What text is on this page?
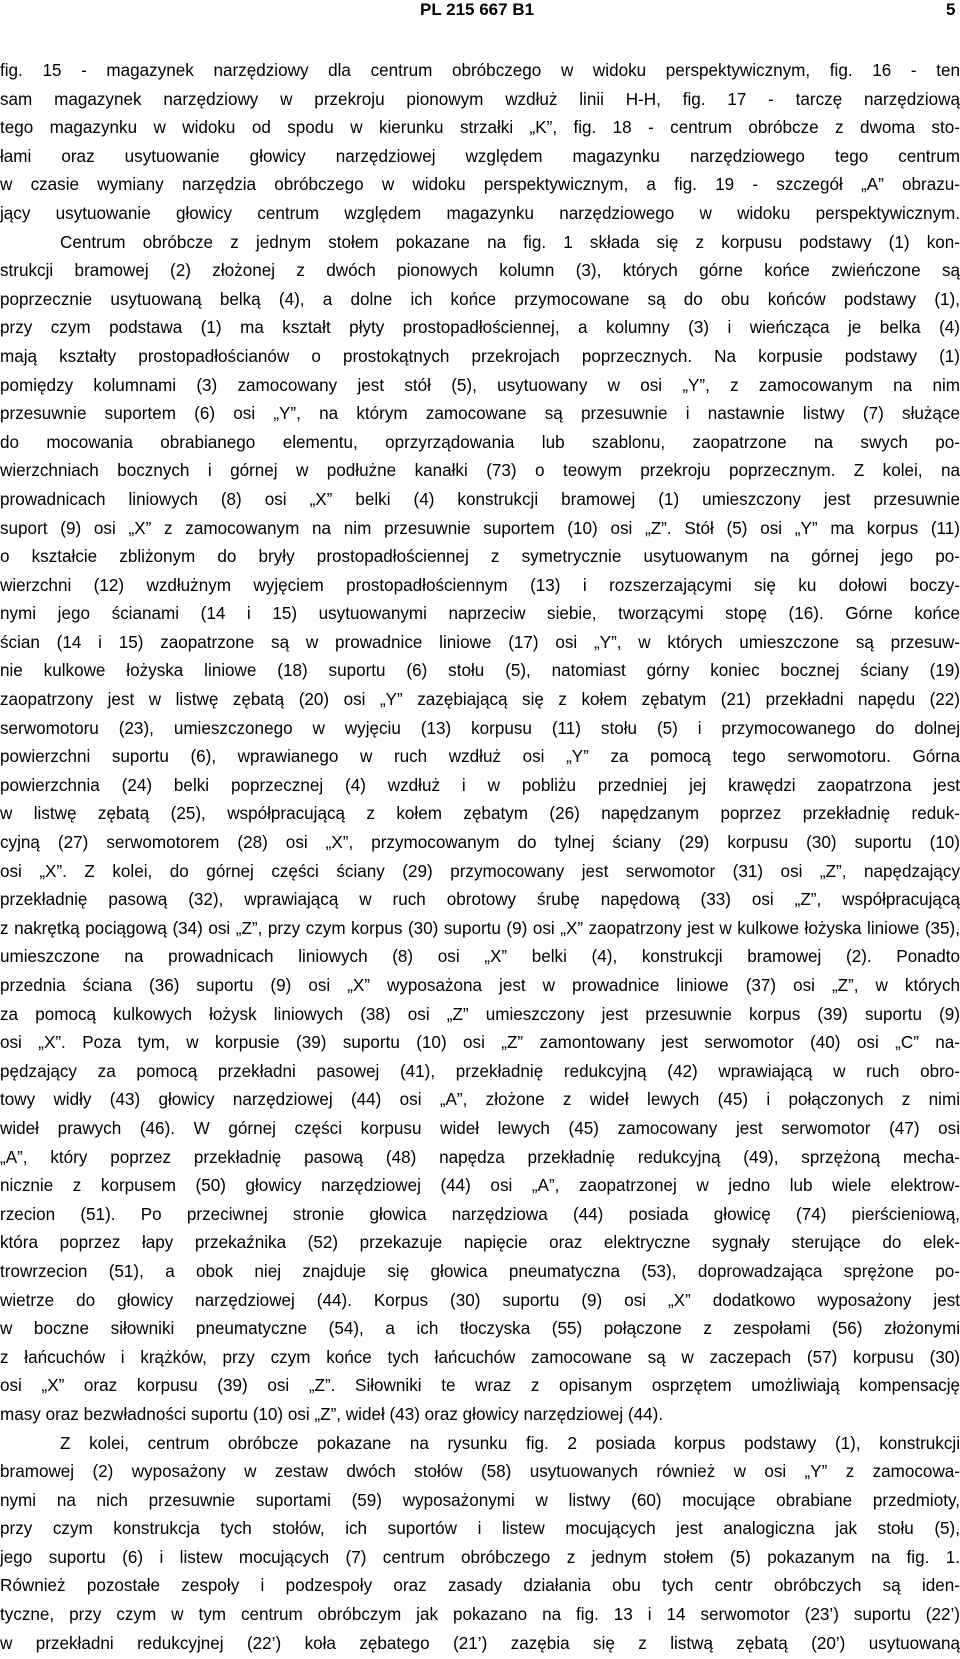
PL 215 667 B1	5
fig. 15 - magazynek narzędziowy dla centrum obróbczego w widoku perspektywicznym, fig. 16 - ten
sam magazynek narzędziowy w przekroju pionowym wzdłuż linii H-H, fig. 17 - tarczę narzędziową
tego magazynku w widoku od spodu w kierunku strzałki „K”, fig. 18 - centrum obróbcze z dwoma sto-
łami oraz usytuowanie głowicy narzędziowej względem magazynku narzędziowego tego centrum
w czasie wymiany narzędzia obróbczego w widoku perspektywicznym, a fig. 19 - szczegół „A” obrazu-
jący usytuowanie głowicy centrum względem magazynku narzędziowego w widoku perspektywicznym.
Centrum obróbcze z jednym stołem pokazane na fig. 1 składa się z korpusu podstawy (1) kon-
strukcji bramowej (2) złożonej z dwóch pionowych kolumn (3), których górne końce zwieńczone są
poprzecznie usytuowaną belką (4), a dolne ich końce przymocowane są do obu końców podstawy (1),
przy czym podstawa (1) ma kształt płyty prostopadłościennej, a kolumny (3) i wieńcząca je belka (4)
mają kształty prostopadłościanów o prostokątnych przekrojach poprzecznych. Na korpusie podstawy (1)
pomiędzy kolumnami (3) zamocowany jest stół (5), usytuowany w osi „Y”, z zamocowanym na nim
przesuwnie suportem (6) osi „Y”, na którym zamocowane są przesuwnie i nastawnie listwy (7) służące
do mocowania obrabianego elementu, oprzyrządowania lub szablonu, zaopatrzone na swych po-
wierzchniach bocznych i górnej w podłużne kanałki (73) o teowym przekroju poprzecznym. Z kolei, na
prowadnicach liniowych (8) osi „X” belki (4) konstrukcji bramowej (1) umieszczony jest przesuwnie
suport (9) osi „X” z zamocowanym na nim przesuwnie suportem (10) osi „Z”. Stół (5) osi „Y” ma korpus (11)
o kształcie zbliżonym do bryły prostopadłościennej z symetrycznie usytuowanym na górnej jego po-
wierzchni (12) wzdłużnym wyjęciem prostopadłościennym (13) i rozszerzającymi się ku dołowi boczy-
nymi jego ścianami (14 i 15) usytuowanymi naprzeciw siebie, tworzącymi stopę (16). Górne końce
ścian (14 i 15) zaopatrzone są w prowadnice liniowe (17) osi „Y”, w których umieszczone są przesuw-
nie kulkowe łożyska liniowe (18) suportu (6) stołu (5), natomiast górny koniec bocznej ściany (19)
zaopatrzony jest w listwę zębatą (20) osi „Y” zazębiającą się z kołem zębatym (21) przekładni napędu (22)
serwomotoru (23), umieszczonego w wyjęciu (13) korpusu (11) stołu (5) i przymocowanego do dolnej
powierzchni suportu (6), wprawianego w ruch wzdłuż osi „Y” za pomocą tego serwomotoru. Górna
powierzchnia (24) belki poprzecznej (4) wzdłuż i w pobliżu przedniej jej krawędzi zaopatrzona jest
w listwę zębatą (25), współpracującą z kołem zębatym (26) napędzanym poprzez przekładnię reduk-
cyjną (27) serwomotorem (28) osi „X”, przymocowanym do tylnej ściany (29) korpusu (30) suportu (10)
osi „X”. Z kolei, do górnej części ściany (29) przymocowany jest serwomotor (31) osi „Z”, napędzający
przekładnię pasową (32), wprawiającą w ruch obrotowy śrubę napędową (33) osi „Z”, współpracującą
z nakrętką pociągową (34) osi „Z”, przy czym korpus (30) suportu (9) osi „X” zaopatrzony jest w kulkowe łożyska liniowe (35),
umieszczone na prowadnicach liniowych (8) osi „X” belki (4), konstrukcji bramowej (2). Ponadto
przednia ściana (36) suportu (9) osi „X” wyposażona jest w prowadnice liniowe (37) osi „Z”, w których
za pomocą kulkowych łożysk liniowych (38) osi „Z” umieszczony jest przesuwnie korpus (39) suportu (9)
osi „X”. Poza tym, w korpusie (39) suportu (10) osi „Z” zamontowany jest serwomotor (40) osi „C” na-
pędzający za pomocą przekładni pasowej (41), przekładnię redukcyjną (42) wprawiającą w ruch obro-
towy widły (43) głowicy narzędziowej (44) osi „A”, złożone z wideł lewych (45) i połączonych z nimi
wideł prawych (46). W górnej części korpusu wideł lewych (45) zamocowany jest serwomotor (47) osi
„A”, który poprzez przekładnię pasową (48) napędza przekładnię redukcyjną (49), sprzężoną mecha-
nicznie z korpusem (50) głowicy narzędziowej (44) osi „A”, zaopatrzonej w jedno lub wiele elektrow-
rzecion (51). Po przeciwnej stronie głowica narzędziowa (44) posiada głowicę (74) pierścieniową,
która poprzez łapy przekaźnika (52) przekazuje napięcie oraz elektryczne sygnały sterujące do elek-
trowrzecion (51), a obok niej znajduje się głowica pneumatyczna (53), doprowadzająca sprężone po-
wietrze do głowicy narzędziowej (44). Korpus (30) suportu (9) osi „X” dodatkowo wyposażony jest
w boczne siłowniki pneumatyczne (54), a ich tłoczyska (55) połączone z zespołami (56) złożonymi
z łańcuchów i krążków, przy czym końce tych łańcuchów zamocowane są w zaczepach (57) korpusu (30)
osi „X” oraz korpusu (39) osi „Z”. Siłowniki te wraz z opisanym osprzętem umożliwiają kompensację
masy oraz bezwładności suportu (10) osi „Z”, wideł (43) oraz głowicy narzędziowej (44).
Z kolei, centrum obróbcze pokazane na rysunku fig. 2 posiada korpus podstawy (1), konstrukcji
bramowej (2) wyposażony w zestaw dwóch stołów (58) usytuowanych również w osi „Y” z zamocowa-
nymi na nich przesuwnie suportami (59) wyposażonymi w listwy (60) mocujące obrabiane przedmioty,
przy czym konstrukcja tych stołów, ich suportów i listew mocujących jest analogiczna jak stołu (5),
jego suportu (6) i listew mocujących (7) centrum obróbczego z jednym stołem (5) pokazanym na fig. 1.
Również pozostałe zespoły i podzespoły oraz zasady działania obu tych centr obróbczych są iden-
tyczne, przy czym w tym centrum obróbczym jak pokazano na fig. 13 i 14 serwomotor (23’) suportu (22’)
w przekładni redukcyjnej (22’) koła zębatego (21’) zazębia się z listwą zębatą (20’) usytuowaną
